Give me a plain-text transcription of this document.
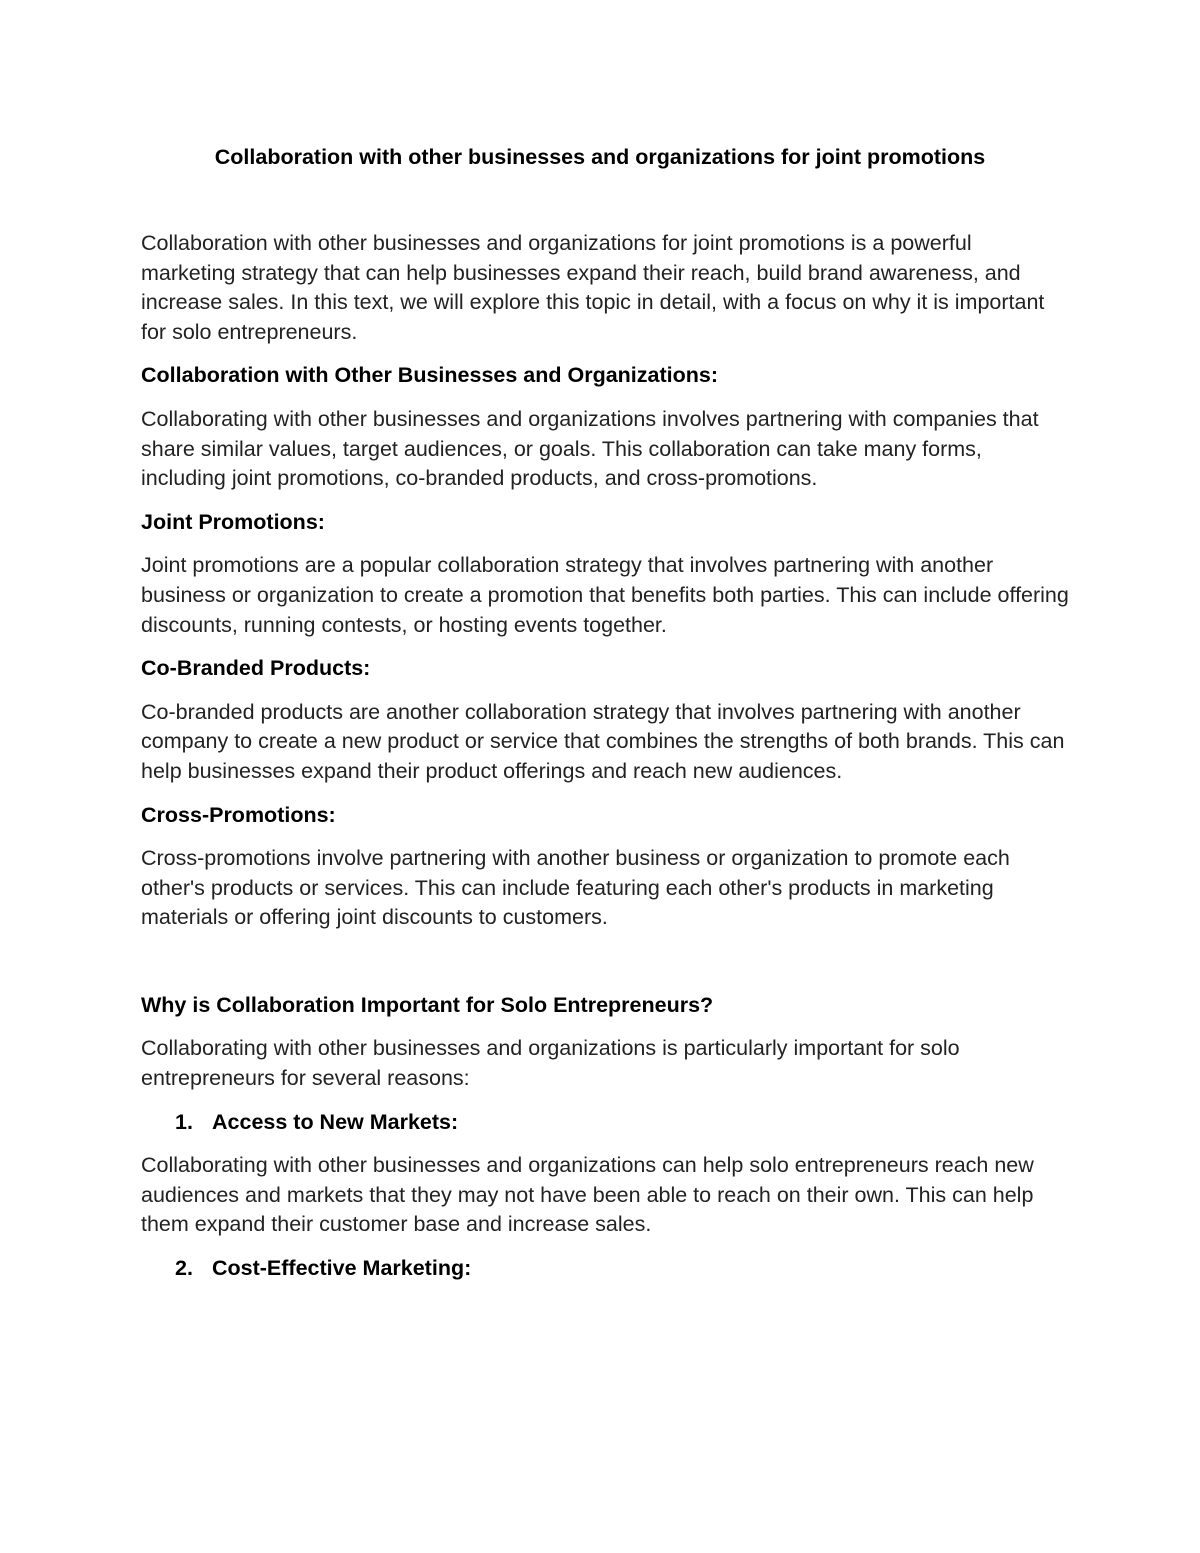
Collaboration with other businesses and organizations for joint promotions

Collaboration with other businesses and organizations for joint promotions is a powerful marketing strategy that can help businesses expand their reach, build brand awareness, and increase sales. In this text, we will explore this topic in detail, with a focus on why it is important for solo entrepreneurs.

Collaboration with Other Businesses and Organizations:

Collaborating with other businesses and organizations involves partnering with companies that share similar values, target audiences, or goals. This collaboration can take many forms, including joint promotions, co-branded products, and cross-promotions.

Joint Promotions:

Joint promotions are a popular collaboration strategy that involves partnering with another business or organization to create a promotion that benefits both parties. This can include offering discounts, running contests, or hosting events together.

Co-Branded Products:

Co-branded products are another collaboration strategy that involves partnering with another company to create a new product or service that combines the strengths of both brands. This can help businesses expand their product offerings and reach new audiences.

Cross-Promotions:

Cross-promotions involve partnering with another business or organization to promote each other's products or services. This can include featuring each other's products in marketing materials or offering joint discounts to customers.

Why is Collaboration Important for Solo Entrepreneurs?

Collaborating with other businesses and organizations is particularly important for solo entrepreneurs for several reasons:

1. Access to New Markets:

Collaborating with other businesses and organizations can help solo entrepreneurs reach new audiences and markets that they may not have been able to reach on their own. This can help them expand their customer base and increase sales.

2. Cost-Effective Marketing:
